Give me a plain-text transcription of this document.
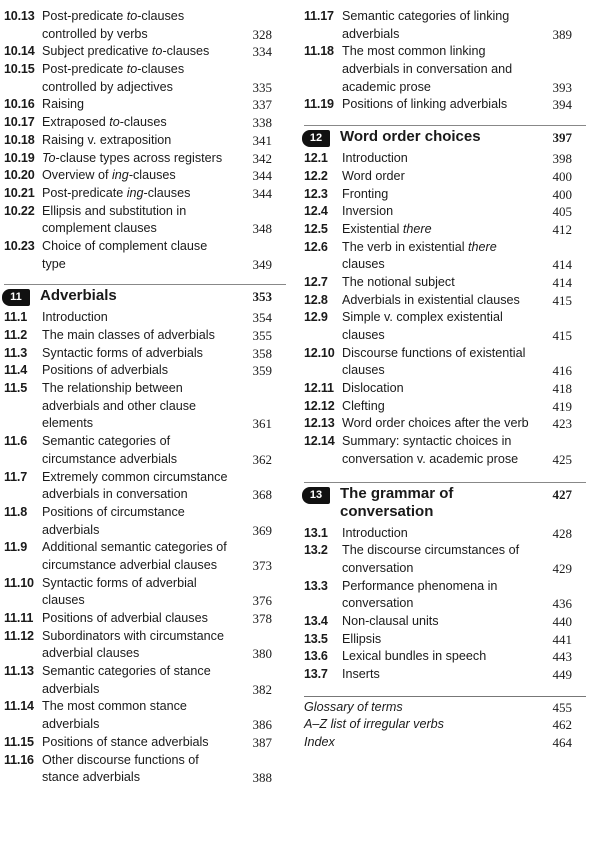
10.13 Post-predicate to-clauses
controlled by verbs	328
10.14 Subject predicative to-clauses	334
10.15 Post-predicate to-clauses
controlled by adjectives	335
10.16 Raising	337
10.17 Extraposed to-clauses	338
10.18 Raising v. extraposition	341
10.19 To-clause types across registers 342
10.20 Overview of ing-clauses	344
10.21 Post-predicate ing-clauses	344
10.22 Ellipsis and substitution in
complement clauses	348
10.23 Choice of complement clause
type	349
11	Adverbials	353
11.1 Introduction	354
11.2 The main classes of adverbials	355
11.3 Syntactic forms of adverbials	358
11.4 Positions of adverbials	359
11.5 The relationship between
adverbials and other clause
elements	361
11.6 Semantic categories of
circumstance adverbials	362
11.7 Extremely common circumstance
adverbials in conversation	368
11.8 Positions of circumstance
adverbials	369
11.9 Additional semantic categories of
circumstance adverbial clauses	373
11.10 Syntactic forms of adverbial
clauses	376
11.11 Positions of adverbial clauses	378
11.12 Subordinators with circumstance
adverbial clauses	380
11.13 Semantic categories of stance
adverbials	382
11.14 The most common stance
adverbials	386
11.15 Positions of stance adverbials	387
11.16 Other discourse functions of
stance adverbials	388
11.17 Semantic categories of linking
adverbials	389
11.18 The most common linking
adverbials in conversation and
academic prose	393
11.19 Positions of linking adverbials	394
12	Word order choices	397
12.1 Introduction	398
12.2 Word order	400
12.3 Fronting	400
12.4 Inversion	405
12.5 Existential there	412
12.6 The verb in existential there
clauses	414
12.7 The notional subject	414
12.8 Adverbials in existential clauses	415
12.9 Simple v. complex existential
clauses	415
12.10 Discourse functions of existential
clauses	416
12.11 Dislocation	418
12.12 Clefting	419
12.13 Word order choices after the verb 423
12.14 Summary: syntactic choices in
conversation v. academic prose	425
13	The grammar of
conversation
427
13.1 Introduction	428
13.2 The discourse circumstances of
conversation	429
13.3 Performance phenomena in
conversation	436
13.4 Non-clausal units	440
13.5 Ellipsis	441
13.6 Lexical bundles in speech	443
13.7 Inserts	449
Glossary of terms	455
A–Z list of irregular verbs	462
Index	464
